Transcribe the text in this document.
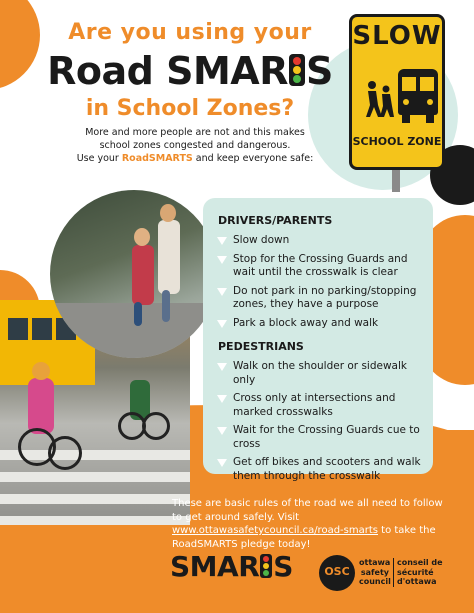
Are you using your
Road SMAR S
in School Zones?
More and more people are not and this makes
school zones congested and dangerous.
Use your RoadSMARTS and keep everyone safe:
SLOW
SCHOOL ZONE
DRIVERS/PARENTS
Slow down
Stop for the Crossing Guards and wait until the crosswalk is clear
Do not park in no parking/stopping zones, they have a purpose
Park a block away and walk
PEDESTRIANS
Walk on the shoulder or sidewalk only
Cross only at intersections and marked crosswalks
Wait for the Crossing Guards cue to cross
Get off bikes and scooters and walk them through the crosswalk
These are basic rules of the road we all need to follow to get around safely. Visit www.ottawasafetycouncil.ca/road-smarts to take the RoadSMARTS pledge today!
SMAR S	OSC
ottawa
safety
council
conseil de
sécurité
d'ottawa
